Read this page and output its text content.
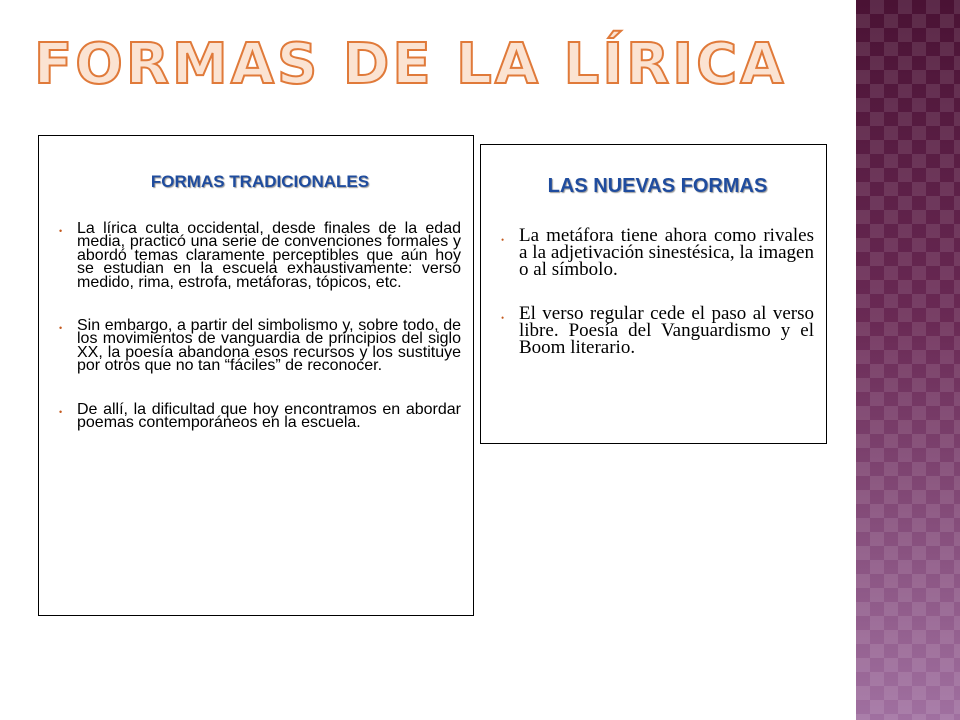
FORMAS DE LA LÍRICA
FORMAS TRADICIONALES
• La lírica culta occidental, desde finales de la edad media, practicó una serie de convenciones formales y abordó temas claramente perceptibles que aún hoy se estudian en la escuela exhaustivamente: verso medido, rima, estrofa, metáforas, tópicos, etc.
• Sin embargo, a partir del simbolismo y, sobre todo, de los movimientos de vanguardia de principios del siglo XX, la poesía abandona esos recursos y los sustituye por otros que no tan “fáciles” de reconocer.
• De allí, la dificultad que hoy encontramos en abordar poemas contemporáneos en la escuela.
LAS NUEVAS FORMAS
• La metáfora tiene ahora como rivales a la adjetivación sinestésica, la imagen o al símbolo.
• El verso regular cede el paso al verso libre. Poesía del Vanguardismo y el Boom literario.
